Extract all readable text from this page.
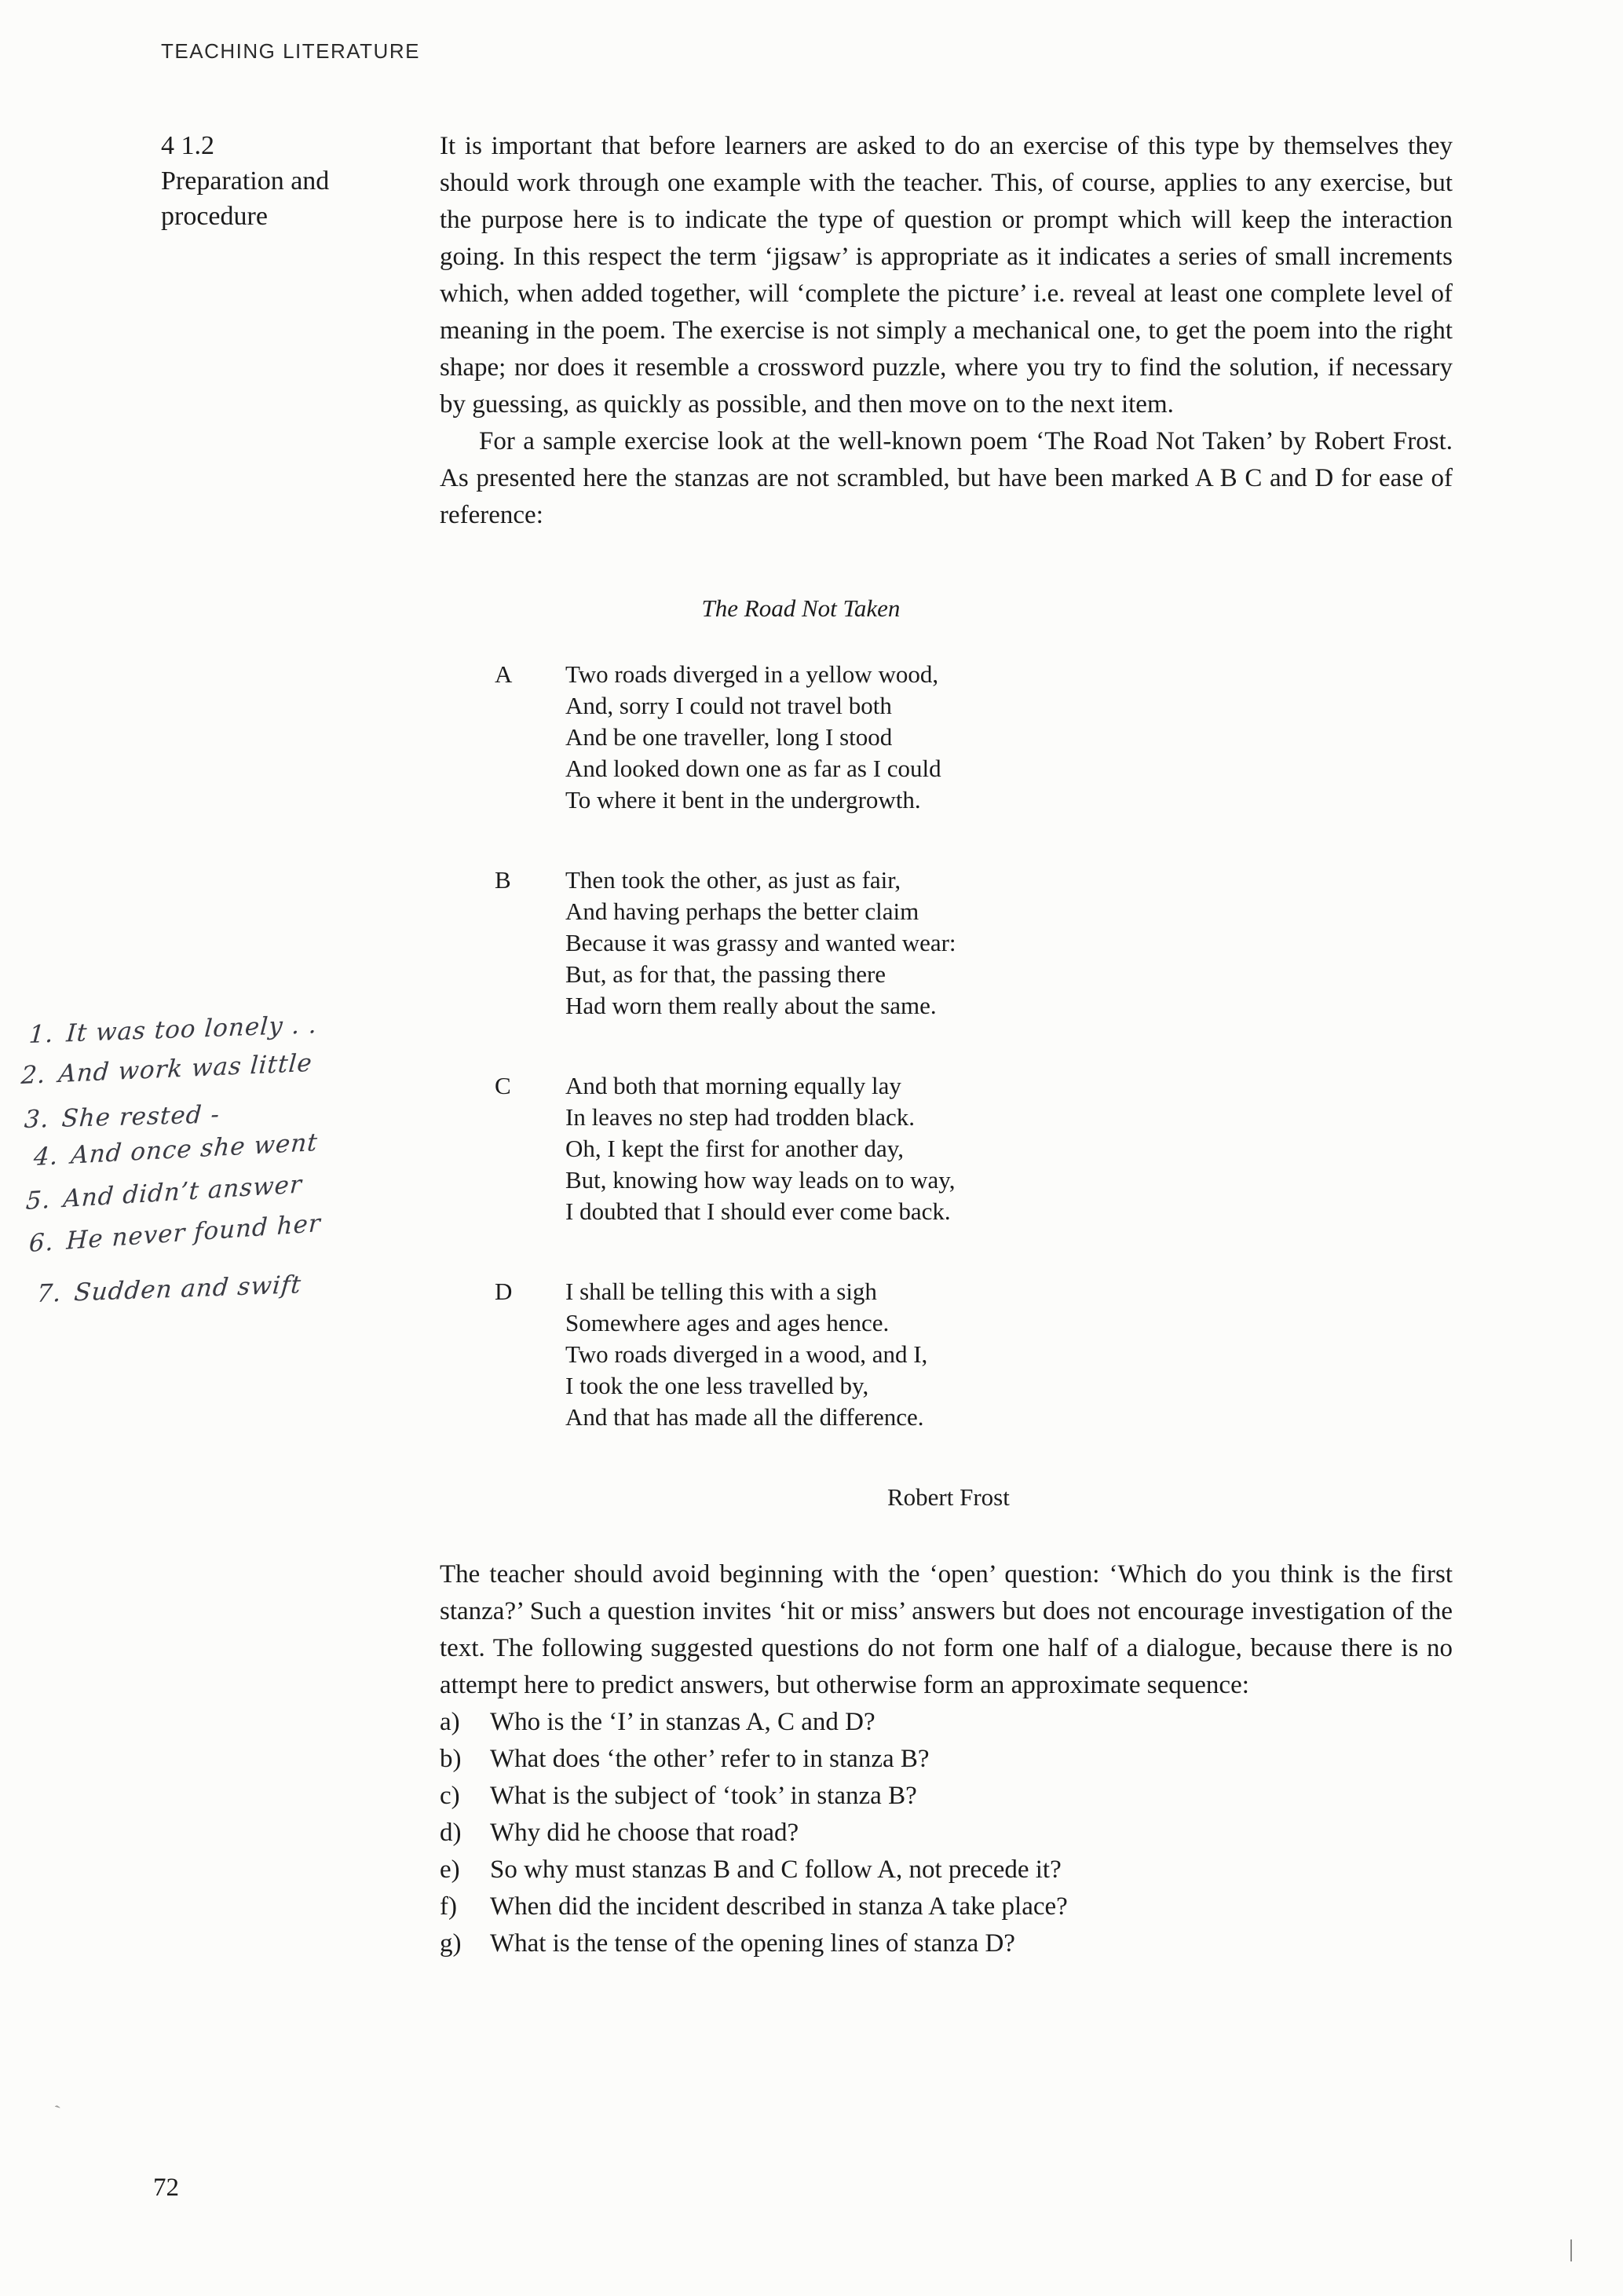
TEACHING LITERATURE
4 1.2
Preparation and
procedure

It is important that before learners are asked to do an exercise of this type by themselves they should work through one example with the teacher. This, of course, applies to any exercise, but the purpose here is to indicate the type of question or prompt which will keep the interaction going. In this respect the term ‘jigsaw’ is appropriate as it indicates a series of small increments which, when added together, will ‘complete the picture’ i.e. reveal at least one complete level of meaning in the poem. The exercise is not simply a mechanical one, to get the poem into the right shape; nor does it resemble a crossword puzzle, where you try to find the solution, if necessary by guessing, as quickly as possible, and then move on to the next item.

For a sample exercise look at the well-known poem ‘The Road Not Taken’ by Robert Frost. As presented here the stanzas are not scrambled, but have been marked A B C and D for ease of reference:

The Road Not Taken
A	Two roads diverged in a yellow wood,
And, sorry I could not travel both
And be one traveller, long I stood
And looked down one as far as I could
To where it bent in the undergrowth.
B	Then took the other, as just as fair,
And having perhaps the better claim
Because it was grassy and wanted wear:
But, as for that, the passing there
Had worn them really about the same.
C	And both that morning equally lay
In leaves no step had trodden black.
Oh, I kept the first for another day,
But, knowing how way leads on to way,
I doubted that I should ever come back.
D	I shall be telling this with a sigh
Somewhere ages and ages hence.
Two roads diverged in a wood, and I,
I took the one less travelled by,
And that has made all the difference.
Robert Frost

The teacher should avoid beginning with the ‘open’ question: ‘Which do you think is the first stanza?’ Such a question invites ‘hit or miss’ answers but does not encourage investigation of the text. The following suggested questions do not form one half of a dialogue, because there is no attempt here to predict answers, but otherwise form an approximate sequence:

a)	Who is the ‘I’ in stanzas A, C and D?
b)	What does ‘the other’ refer to in stanza B?
c)	What is the subject of ‘took’ in stanza B?
d)	Why did he choose that road?
e)	So why must stanzas B and C follow A, not precede it?
f)	When did the incident described in stanza A take place?
g)	What is the tense of the opening lines of stanza D?
1. It was too lonely . .
2. And work was little
3. She rested -
4. And once she went
5. And didn’t answer
6. He never found her
7. Sudden and swift
72
`
